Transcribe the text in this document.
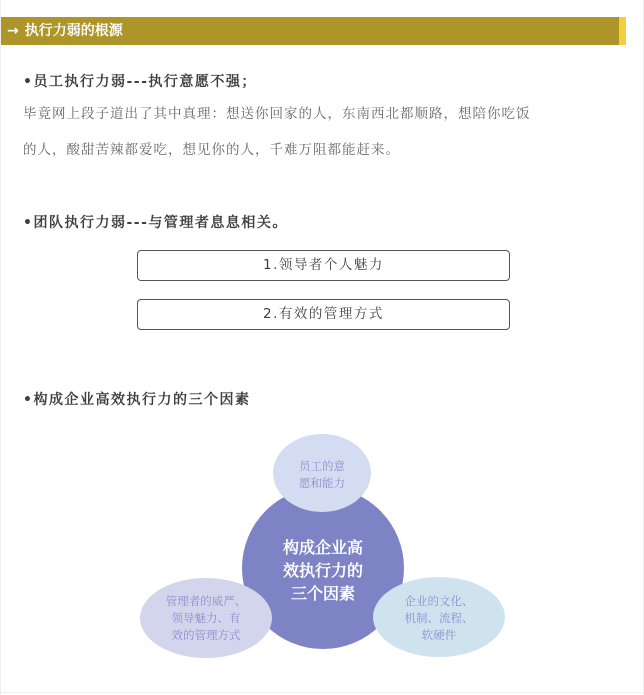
→ 执行力弱的根源
•员工执行力弱---执行意愿不强；
毕竟网上段子道出了其中真理：想送你回家的人，东南西北都顺路，想陪你吃饭
的人，酸甜苦辣都爱吃，想见你的人，千难万阻都能赶来。
•团队执行力弱---与管理者息息相关。
1.领导者个人魅力
2.有效的管理方式
•构成企业高效执行力的三个因素
构成企业高
效执行力的
三个因素
员工的意
愿和能力
管理者的威严、
领导魅力、有
效的管理方式
企业的文化、
机制、流程、
软硬件
